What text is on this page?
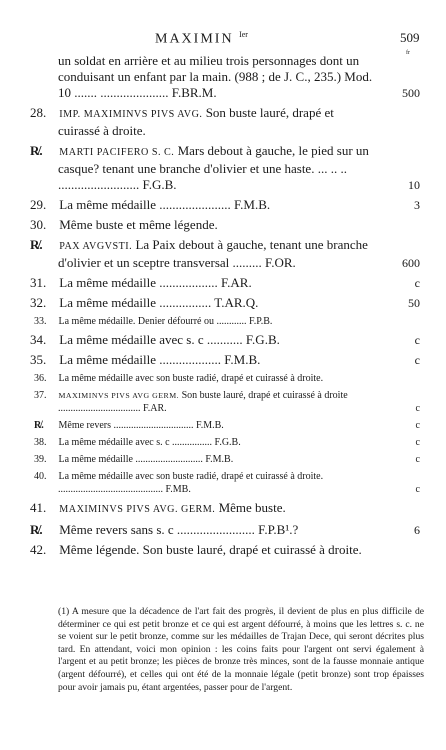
MAXIMIN $^{Ier}$	509
fr
un soldat en arrière et au milieu trois personnages dont un conduisant un enfant par la main. (988 ; de J. C., 235.) Mod. 10 ....... ..................... F.BR.M.	500
28. IMP. MAXIMINVS PIVS AVG. Son buste lauré, drapé et cuirassé à droite.
R̸. MARTI PACIFERO S. C. Mars debout à gauche, le pied sur un casque? tenant une branche d'olivier et une haste. ... .. .. ......................... F.G.B.	10
29. La même médaille ...................... F.M.B.	3
30. Même buste et même légende.
R̸. PAX AVGVSTI. La Paix debout à gauche, tenant une branche d'olivier et un sceptre transversal ......... F.OR.	600
31. La même médaille .................. F.AR.	c
32. La même médaille ................ T.AR.Q.	50
33. La même médaille. Denier défourré ou ............ F.P.B.
34. La même médaille avec s. c ........... F.G.B.	c
35. La même médaille ................... F.M.B.	c
36. La même médaille avec son buste radié, drapé et cuirassé à droite.
37. MAXIMINVS PIVS AVG GERM. Son buste lauré, drapé et cuirassé à droite ................................. F.AR.	c
R̸. Même revers ................................ F.M.B.	c
38. La même médaille avec s. c ................ F.G.B.	c
39. La même médaille ........................... F.M.B.	c
40. La même médaille avec son buste radié, drapé et cuirassé à droite. .......................................... F.MB.	c
41. MAXIMINVS PIVS AVG. GERM. Même buste.
R̸. Même revers sans s. c ........................ F.P.B¹.?	6
42. Même légende. Son buste lauré, drapé et cuirassé à droite.
(1) A mesure que la décadence de l'art fait des progrès, il devient de plus en plus difficile de déterminer ce qui est petit bronze et ce qui est argent défourré, à moins que les lettres s. c. ne se voient sur le petit bronze, comme sur les médailles de Trajan Dece, qui seront décrites plus tard. En attendant, voici mon opinion : les coins faits pour l'argent ont servi également à l'argent et au petit bronze; les pièces de bronze très minces, sont de la fausse monnaie antique (argent défourré), et celles qui ont été de la monnaie légale (petit bronze) sont trop épaisses pour avoir jamais pu, étant argentées, passer pour de l'argent.
